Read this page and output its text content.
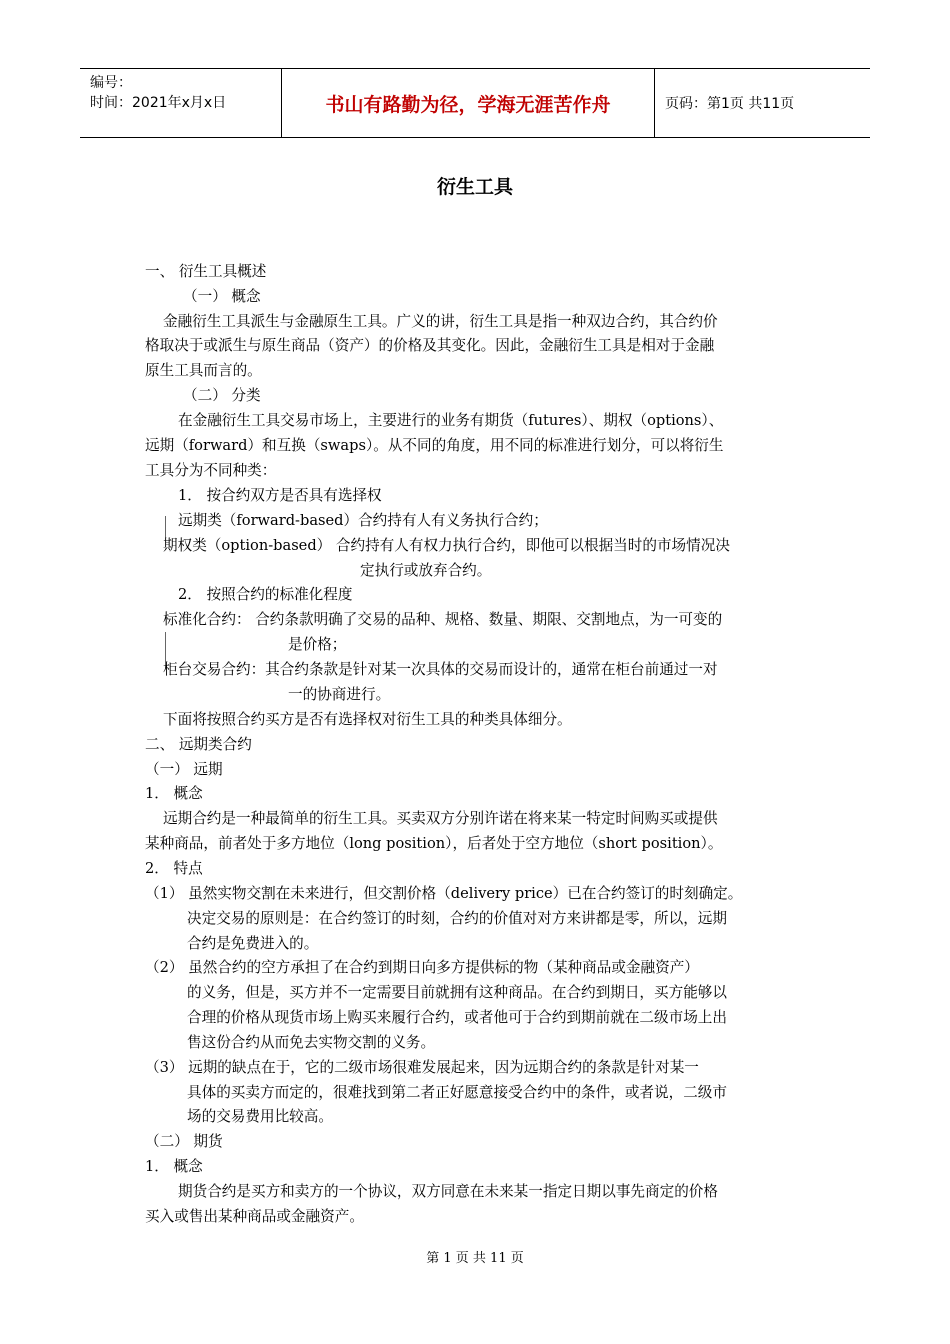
编号：
时间：2021年x月x日	书山有路勤为径，学海无涯苦作舟	页码：第1页 共11页
衍生工具
一、 衍生工具概述
（一） 概念
金融衍生工具派生与金融原生工具。广义的讲，衍生工具是指一种双边合约，其合约价
格取决于或派生与原生商品（资产）的价格及其变化。因此，金融衍生工具是相对于金融
原生工具而言的。
（二） 分类
在金融衍生工具交易市场上，主要进行的业务有期货（futures）、期权（options）、
远期（forward）和互换（swaps）。从不同的角度，用不同的标准进行划分，可以将衍生
工具分为不同种类：
1． 按合约双方是否具有选择权
远期类（forward-based）合约持有人有义务执行合约；
期权类（option-based） 合约持有人有权力执行合约，即他可以根据当时的市场情况决
定执行或放弃合约。
2． 按照合约的标准化程度
标准化合约： 合约条款明确了交易的品种、规格、数量、期限、交割地点，为一可变的
是价格；
柜台交易合约：其合约条款是针对某一次具体的交易而设计的，通常在柜台前通过一对
一的协商进行。
下面将按照合约买方是否有选择权对衍生工具的种类具体细分。
二、 远期类合约
（一） 远期
1． 概念
远期合约是一种最简单的衍生工具。买卖双方分别许诺在将来某一特定时间购买或提供
某种商品，前者处于多方地位（long position），后者处于空方地位（short position）。
2． 特点
（1） 虽然实物交割在未来进行，但交割价格（delivery price）已在合约签订的时刻确定。
决定交易的原则是：在合约签订的时刻，合约的价值对对方来讲都是零，所以，远期
合约是免费进入的。
（2） 虽然合约的空方承担了在合约到期日向多方提供标的物（某种商品或金融资产）
的义务，但是，买方并不一定需要目前就拥有这种商品。在合约到期日，买方能够以
合理的价格从现货市场上购买来履行合约，或者他可于合约到期前就在二级市场上出
售这份合约从而免去实物交割的义务。
（3） 远期的缺点在于，它的二级市场很难发展起来，因为远期合约的条款是针对某一
具体的买卖方而定的，很难找到第二者正好愿意接受合约中的条件，或者说，二级市
场的交易费用比较高。
（二） 期货
1． 概念
期货合约是买方和卖方的一个协议，双方同意在未来某一指定日期以事先商定的价格
买入或售出某种商品或金融资产。
第 1 页 共 11 页
